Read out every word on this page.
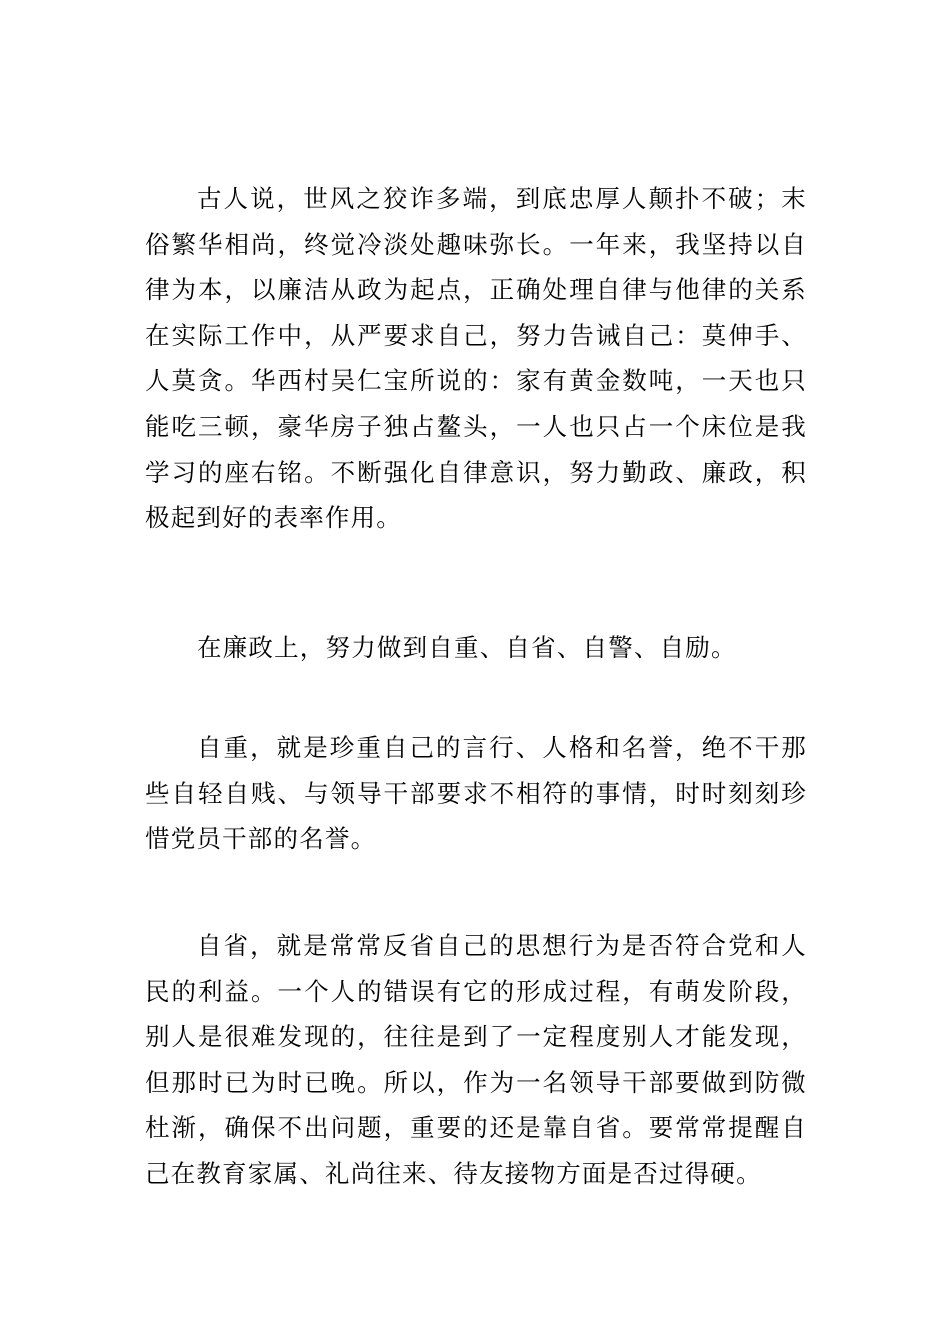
古人说，世风之狡诈多端，到底忠厚人颠扑不破；末俗繁华相尚，终觉冷淡处趣味弥长。一年来，我坚持以自律为本，以廉洁从政为起点，正确处理自律与他律的关系在实际工作中，从严要求自己，努力告诫自己：莫伸手、人莫贪。华西村吴仁宝所说的：家有黄金数吨，一天也只能吃三顿，豪华房子独占鳌头，一人也只占一个床位是我学习的座右铭。不断强化自律意识，努力勤政、廉政，积极起到好的表率作用。

在廉政上，努力做到自重、自省、自警、自励。

自重，就是珍重自己的言行、人格和名誉，绝不干那些自轻自贱、与领导干部要求不相符的事情，时时刻刻珍惜党员干部的名誉。

自省，就是常常反省自己的思想行为是否符合党和人民的利益。一个人的错误有它的形成过程，有萌发阶段，别人是很难发现的，往往是到了一定程度别人才能发现，但那时已为时已晚。所以，作为一名领导干部要做到防微杜渐，确保不出问题，重要的还是靠自省。要常常提醒自己在教育家属、礼尚往来、待友接物方面是否过得硬。
